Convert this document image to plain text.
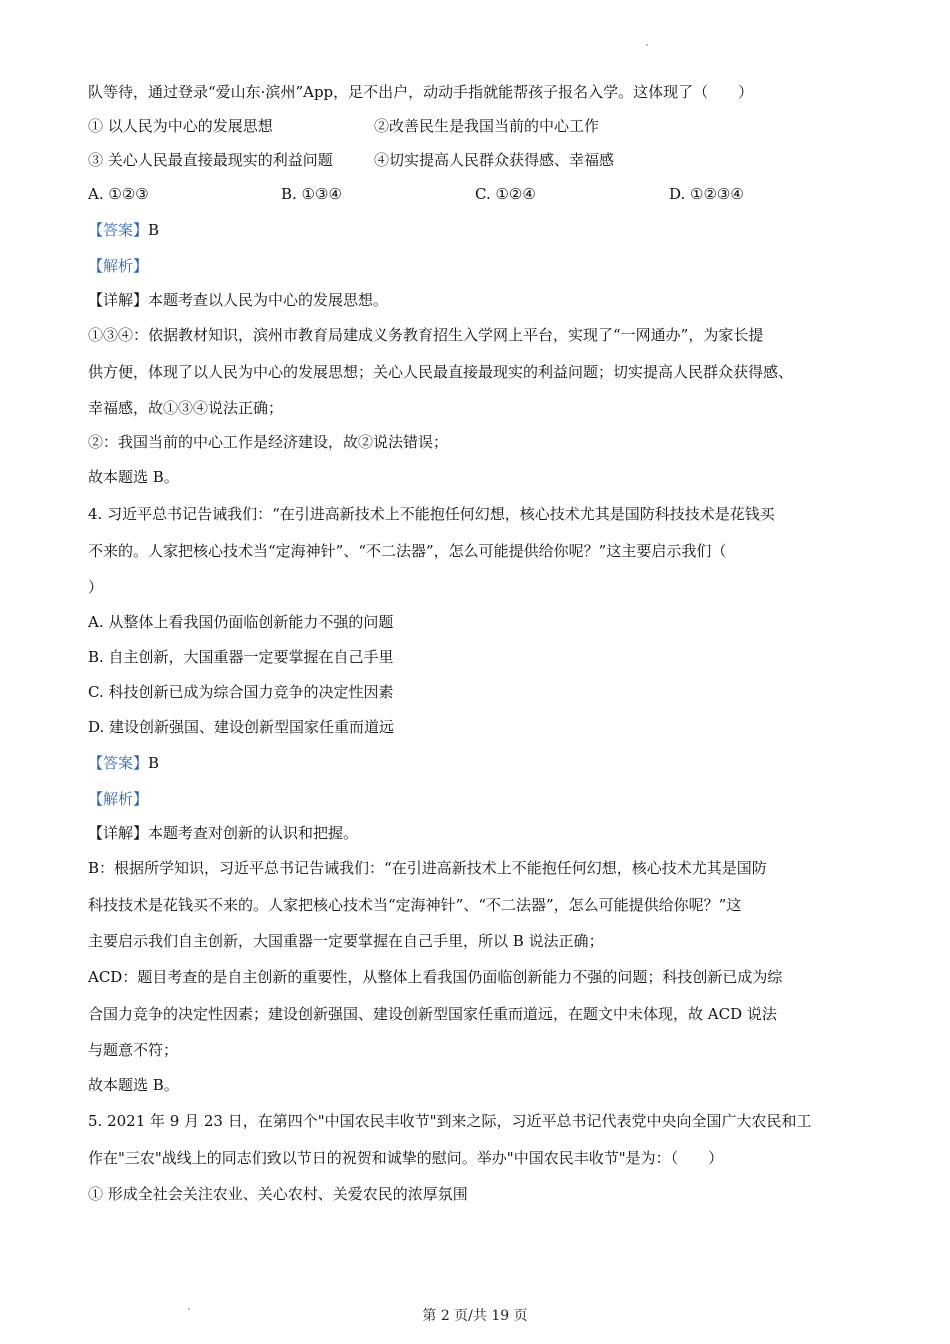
队等待，通过登录“爱山东·滨州”App，足不出户，动动手指就能帮孩子报名入学。这体现了（　　）
① 以人民为中心的发展思想	②改善民生是我国当前的中心工作
③ 关心人民最直接最现实的利益问题	④切实提高人民群众获得感、幸福感
A. ①②③	B. ①③④	C. ①②④	D. ①②③④
【答案】B
【解析】
【详解】本题考查以人民为中心的发展思想。
①③④：依据教材知识，滨州市教育局建成义务教育招生入学网上平台，实现了“一网通办”，为家长提
供方便，体现了以人民为中心的发展思想；关心人民最直接最现实的利益问题；切实提高人民群众获得感、
幸福感，故①③④说法正确；
②：我国当前的中心工作是经济建设，故②说法错误；
故本题选 B。
4. 习近平总书记告诫我们：“在引进高新技术上不能抱任何幻想，核心技术尤其是国防科技技术是花钱买
不来的。人家把核心技术当“定海神针”、“不二法器”，怎么可能提供给你呢？”这主要启示我们（
）
A. 从整体上看我国仍面临创新能力不强的问题
B. 自主创新，大国重器一定要掌握在自己手里
C. 科技创新已成为综合国力竞争的决定性因素
D. 建设创新强国、建设创新型国家任重而道远
【答案】B
【解析】
【详解】本题考查对创新的认识和把握。
B：根据所学知识，习近平总书记告诫我们：“在引进高新技术上不能抱任何幻想，核心技术尤其是国防
科技技术是花钱买不来的。人家把核心技术当“定海神针”、“不二法器”，怎么可能提供给你呢？”这
主要启示我们自主创新，大国重器一定要掌握在自己手里，所以 B 说法正确；
ACD：题目考查的是自主创新的重要性，从整体上看我国仍面临创新能力不强的问题；科技创新已成为综
合国力竞争的决定性因素；建设创新强国、建设创新型国家任重而道远，在题文中未体现，故 ACD 说法
与题意不符；
故本题选 B。
5. 2021 年 9 月 23 日，在第四个"中国农民丰收节"到来之际，习近平总书记代表党中央向全国广大农民和工
作在"三农"战线上的同志们致以节日的祝贺和诚挚的慰问。举办"中国农民丰收节"是为：（　　）
① 形成全社会关注农业、关心农村、关爱农民的浓厚氛围
第 2 页/共 19 页
